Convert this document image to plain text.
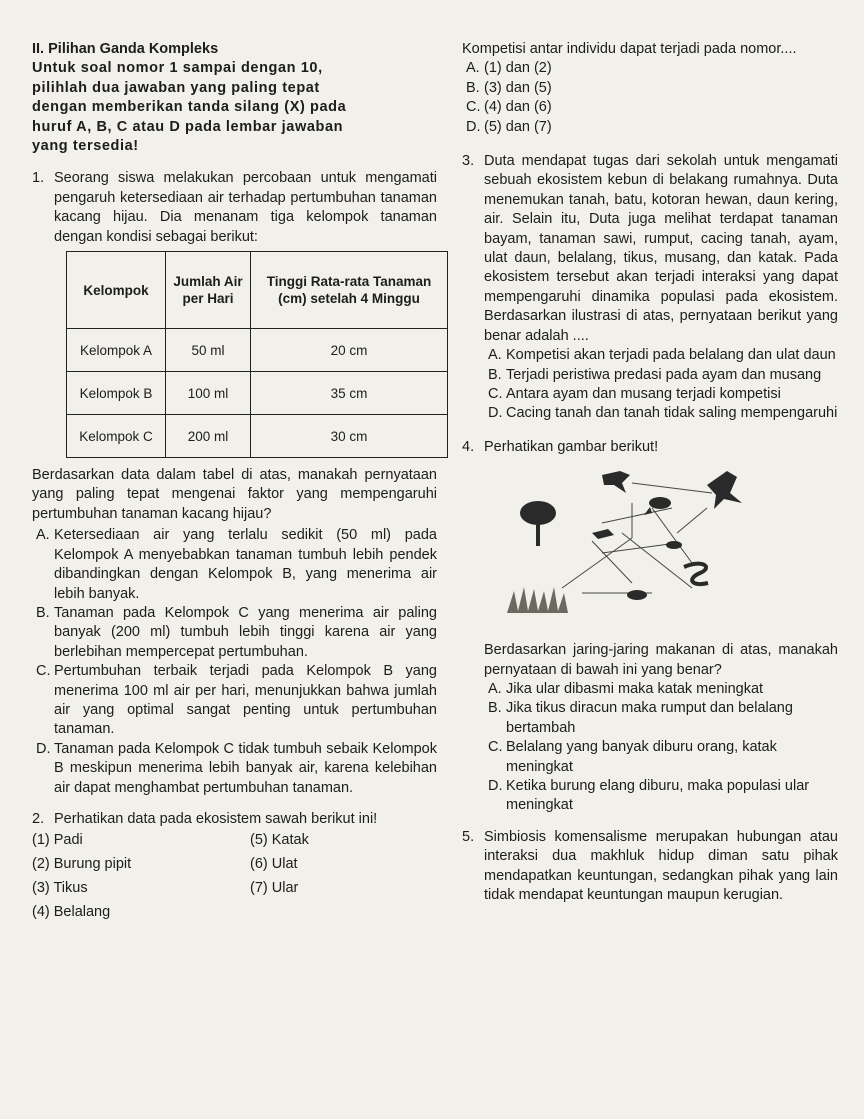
II. Pilihan Ganda Kompleks

Untuk soal nomor 1 sampai dengan 10,

pilihlah dua jawaban yang paling tepat

dengan memberikan tanda silang (X) pada

huruf A, B, C atau D pada lembar jawaban

yang tersedia!

1. Seorang siswa melakukan percobaan untuk mengamati pengaruh ketersediaan air terhadap pertumbuhan tanaman kacang hijau. Dia menanam tiga kelompok tanaman dengan kondisi sebagai berikut:

Kelompok	Jumlah Air per Hari	Tinggi Rata-rata Tanaman (cm) setelah 4 Minggu
Kelompok A	50 ml	20 cm
Kelompok B	100 ml	35 cm
Kelompok C	200 ml	30 cm

Berdasarkan data dalam tabel di atas, manakah pernyataan yang paling tepat mengenai faktor yang mempengaruhi pertumbuhan tanaman kacang hijau?

A. Ketersediaan air yang terlalu sedikit (50 ml) pada Kelompok A menyebabkan tanaman tumbuh lebih pendek dibandingkan dengan Kelompok B, yang menerima air lebih banyak.

B. Tanaman pada Kelompok C yang menerima air paling banyak (200 ml) tumbuh lebih tinggi karena air yang berlebihan mempercepat pertumbuhan.

C. Pertumbuhan terbaik terjadi pada Kelompok B yang menerima 100 ml air per hari, menunjukkan bahwa jumlah air yang optimal sangat penting untuk pertumbuhan tanaman.

D. Tanaman pada Kelompok C tidak tumbuh sebaik Kelompok B meskipun menerima lebih banyak air, karena kelebihan air dapat menghambat pertumbuhan tanaman.

2. Perhatikan data pada ekosistem sawah berikut ini!

(1) Padi
(2) Burung pipit
(3) Tikus
(4) Belalang
(5) Katak
(6) Ulat
(7) Ular

Kompetisi antar individu dapat terjadi pada nomor....

A. (1) dan (2)

B. (3) dan (5)

C. (4) dan (6)

D. (5) dan (7)

3. Duta mendapat tugas dari sekolah untuk mengamati sebuah ekosistem kebun di belakang rumahnya. Duta menemukan tanah, batu, kotoran hewan, daun kering, air. Selain itu, Duta juga melihat terdapat tanaman bayam, tanaman sawi, rumput, cacing tanah, ayam, ulat daun, belalang, tikus, musang, dan katak. Pada ekosistem tersebut akan terjadi interaksi yang dapat mempengaruhi dinamika populasi pada ekosistem. Berdasarkan ilustrasi di atas, pernyataan berikut yang benar adalah ....

A. Kompetisi akan terjadi pada belalang dan ulat daun

B. Terjadi peristiwa predasi pada ayam dan musang

C. Antara ayam dan musang terjadi kompetisi

D. Cacing tanah dan tanah tidak saling mempengaruhi

4. Perhatikan gambar berikut!

Berdasarkan jaring-jaring makanan di atas, manakah pernyataan di bawah ini yang benar?

A. Jika ular dibasmi maka katak meningkat

B. Jika tikus diracun maka rumput dan belalang bertambah

C. Belalang yang banyak diburu orang, katak meningkat

D. Ketika burung elang diburu, maka populasi ular meningkat

5. Simbiosis komensalisme merupakan hubungan atau interaksi dua makhluk hidup diman satu pihak mendapatkan keuntungan, sedangkan pihak yang lain tidak mendapat keuntungan maupun kerugian.
